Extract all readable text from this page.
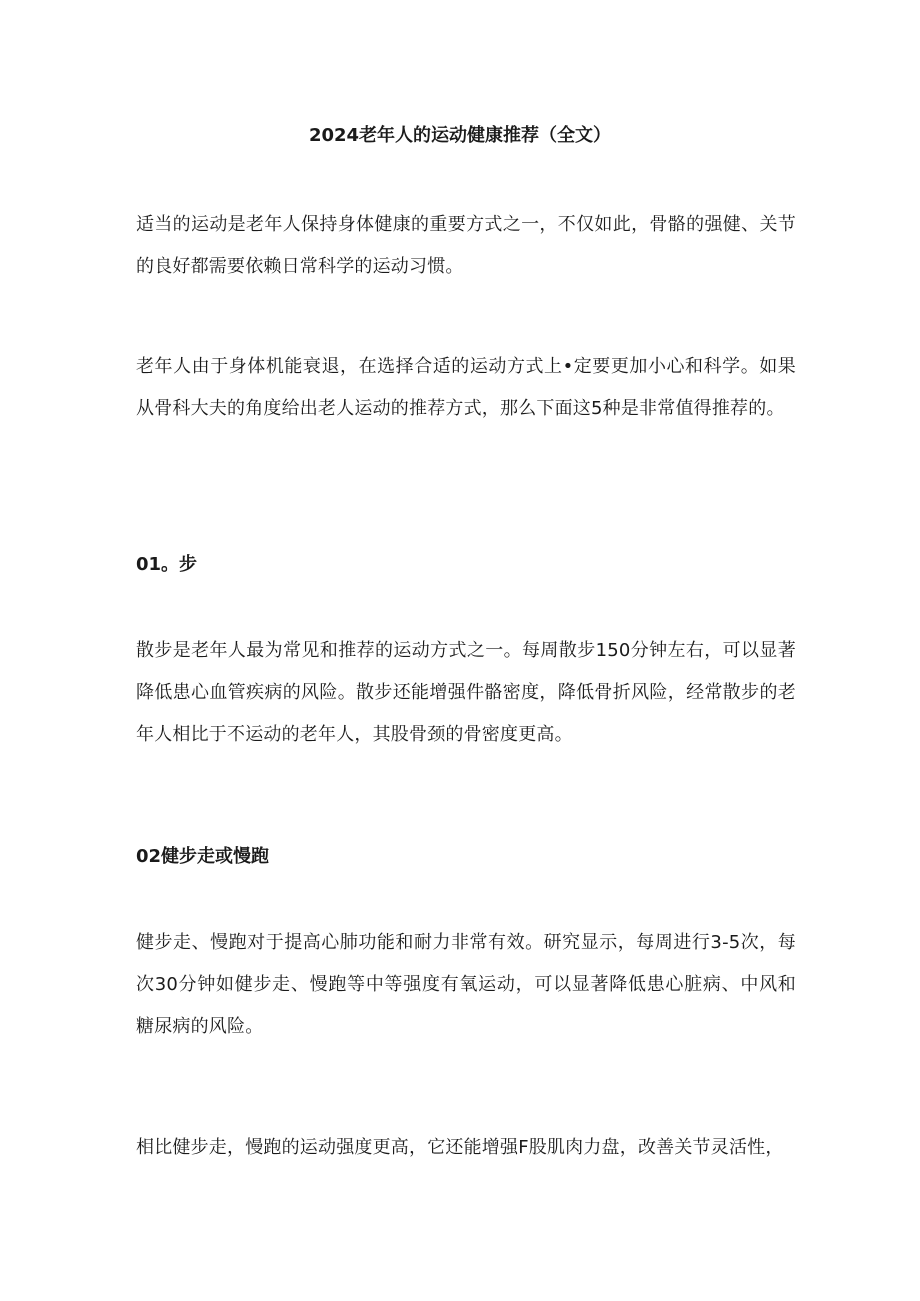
2024老年人的运动健康推荐（全文）

适当的运动是老年人保持身体健康的重要方式之一，不仅如此，骨骼的强健、关节的良好都需要依赖日常科学的运动习惯。

老年人由于身体机能衰退，在选择合适的运动方式上•定要更加小心和科学。如果从骨科大夫的角度给出老人运动的推荐方式，那么下面这5种是非常值得推荐的。

01。步

散步是老年人最为常见和推荐的运动方式之一。每周散步150分钟左右，可以显著降低患心血管疾病的风险。散步还能增强件骼密度，降低骨折风险，经常散步的老年人相比于不运动的老年人，其股骨颈的骨密度更高。

02健步走或慢跑

健步走、慢跑对于提高心肺功能和耐力非常有效。研究显示，每周进行3-5次，每次30分钟如健步走、慢跑等中等强度有氧运动，可以显著降低患心脏病、中风和糖尿病的风险。

相比健步走，慢跑的运动强度更高，它还能增强F股肌肉力盘，改善关节灵活性，
